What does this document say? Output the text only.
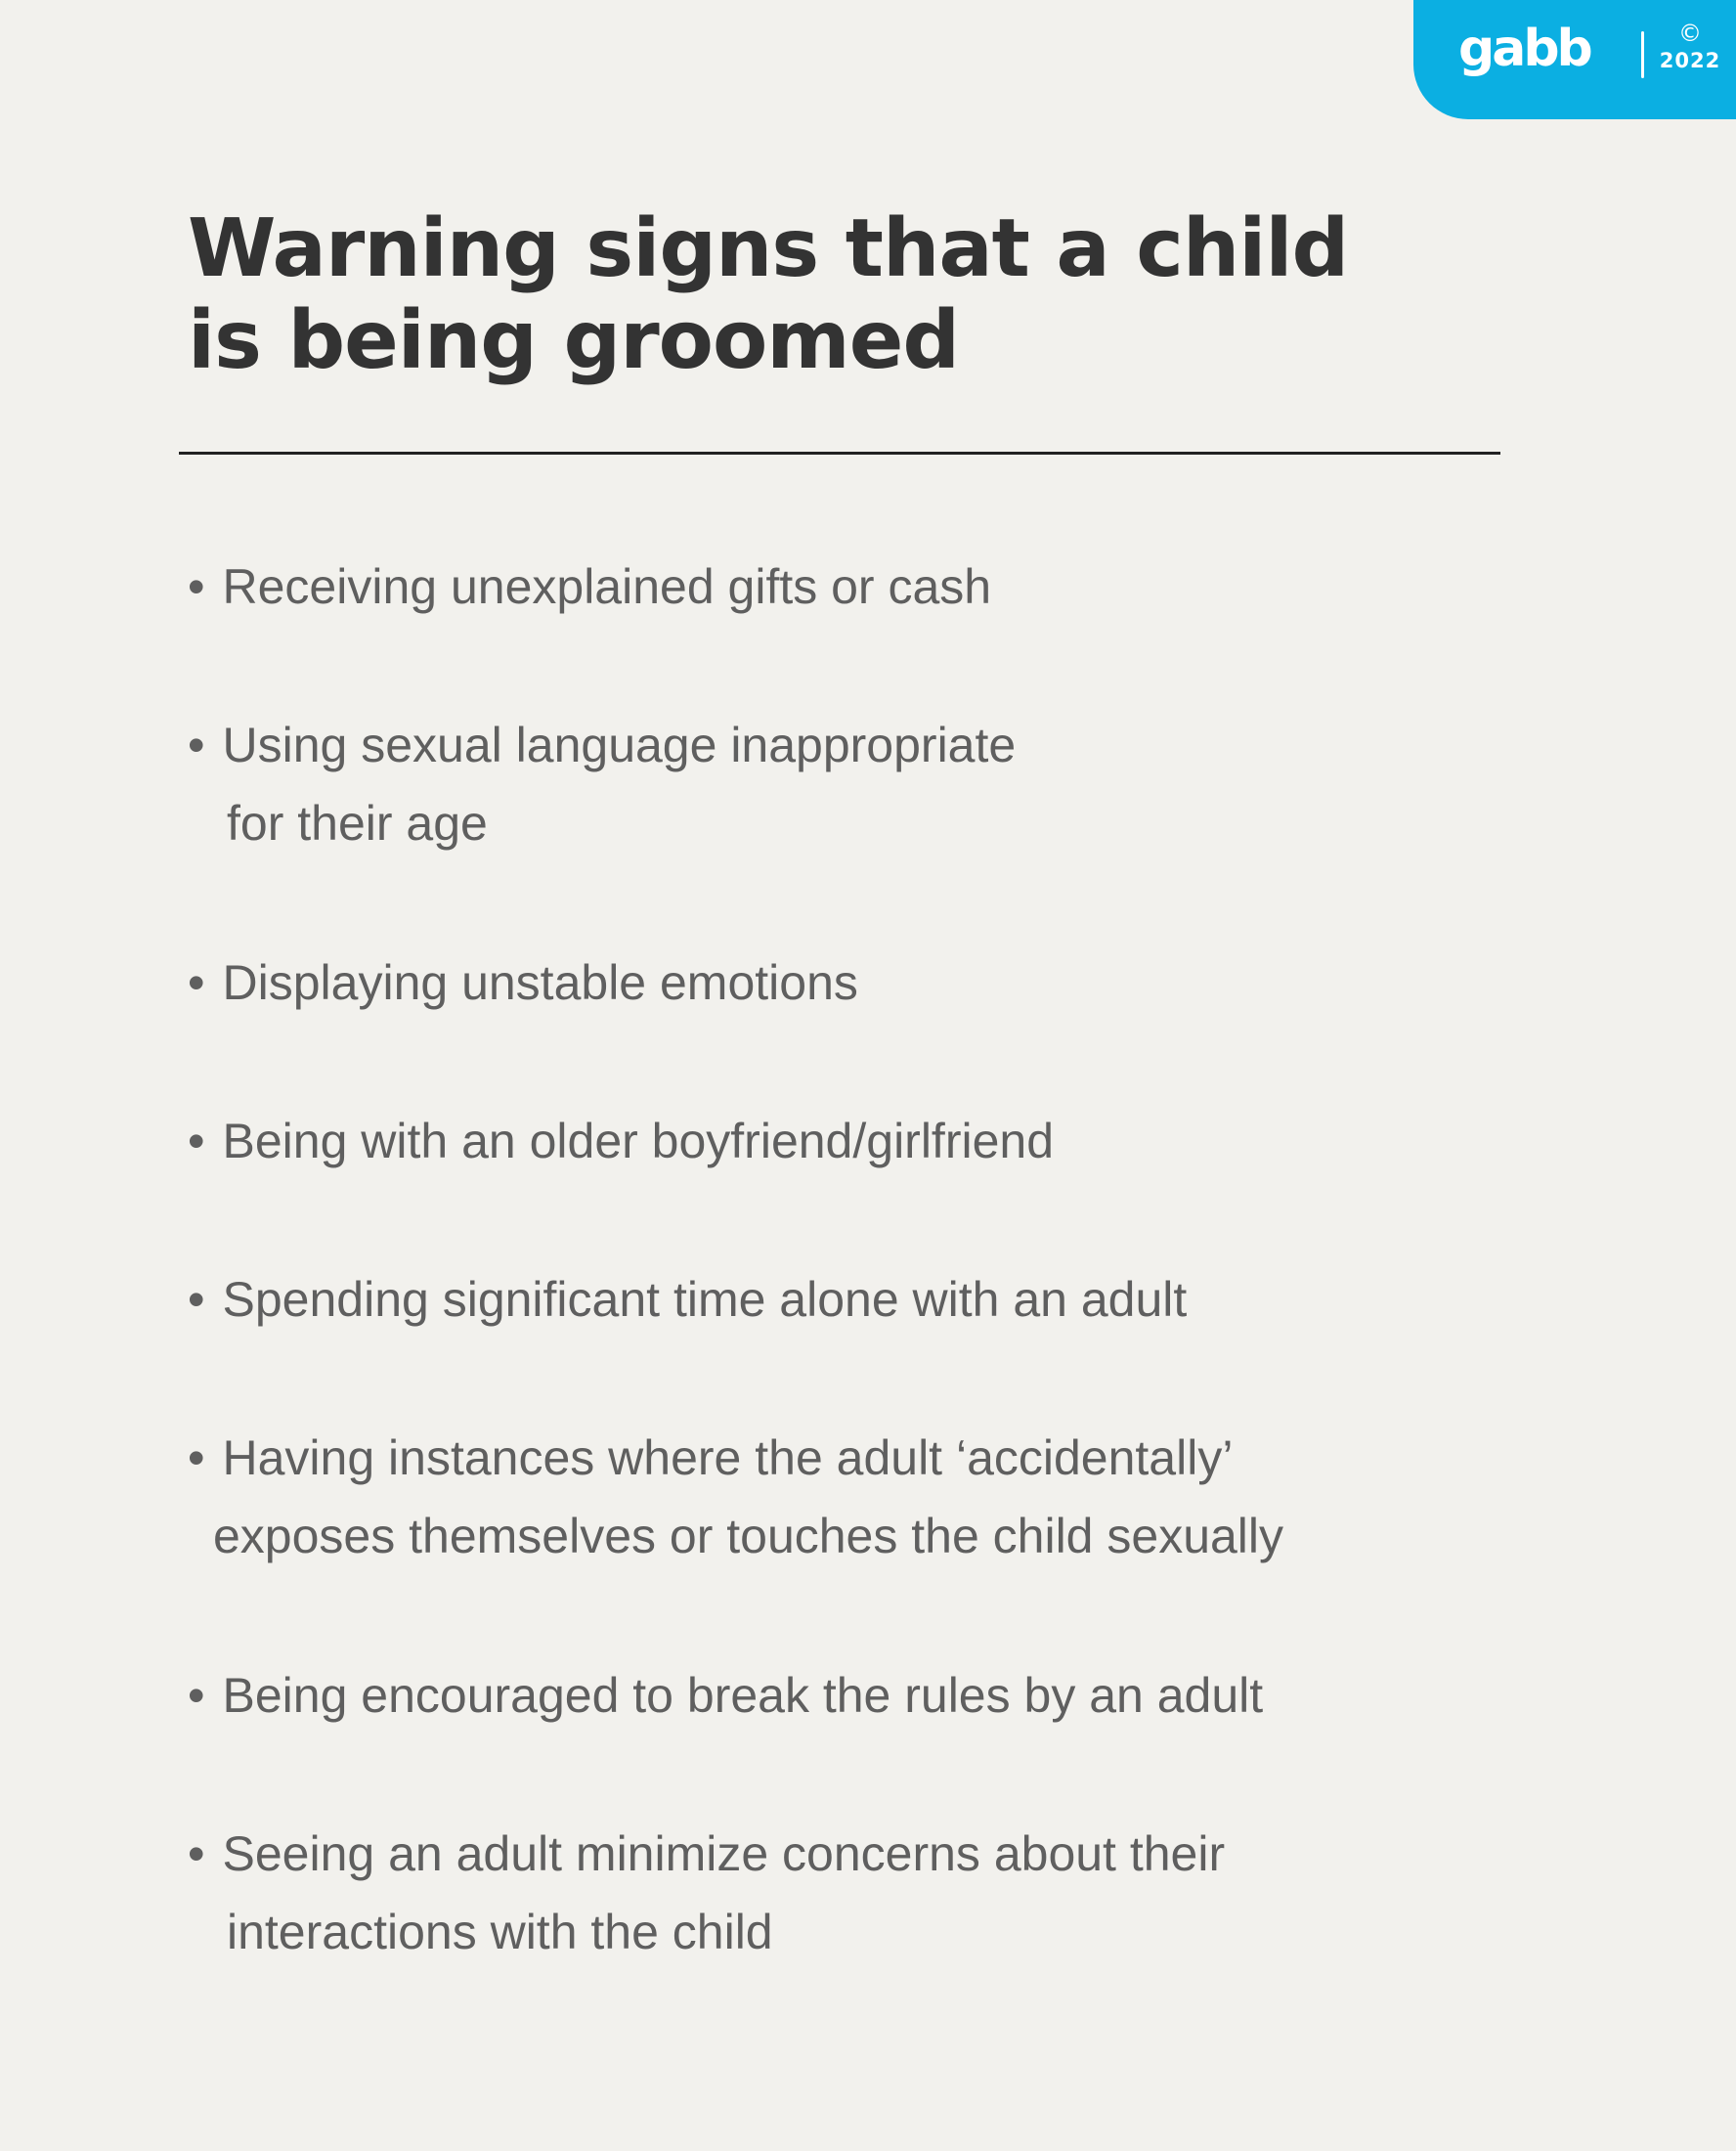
gabb	©
2022
Warning signs that a child
is being groomed
• Receiving unexplained gifts or cash
• Using sexual language inappropriate
for their age
• Displaying unstable emotions
• Being with an older boyfriend/girlfriend
• Spending significant time alone with an adult
• Having instances where the adult ‘accidentally’
exposes themselves or touches the child sexually
• Being encouraged to break the rules by an adult
• Seeing an adult minimize concerns about their
interactions with the child
